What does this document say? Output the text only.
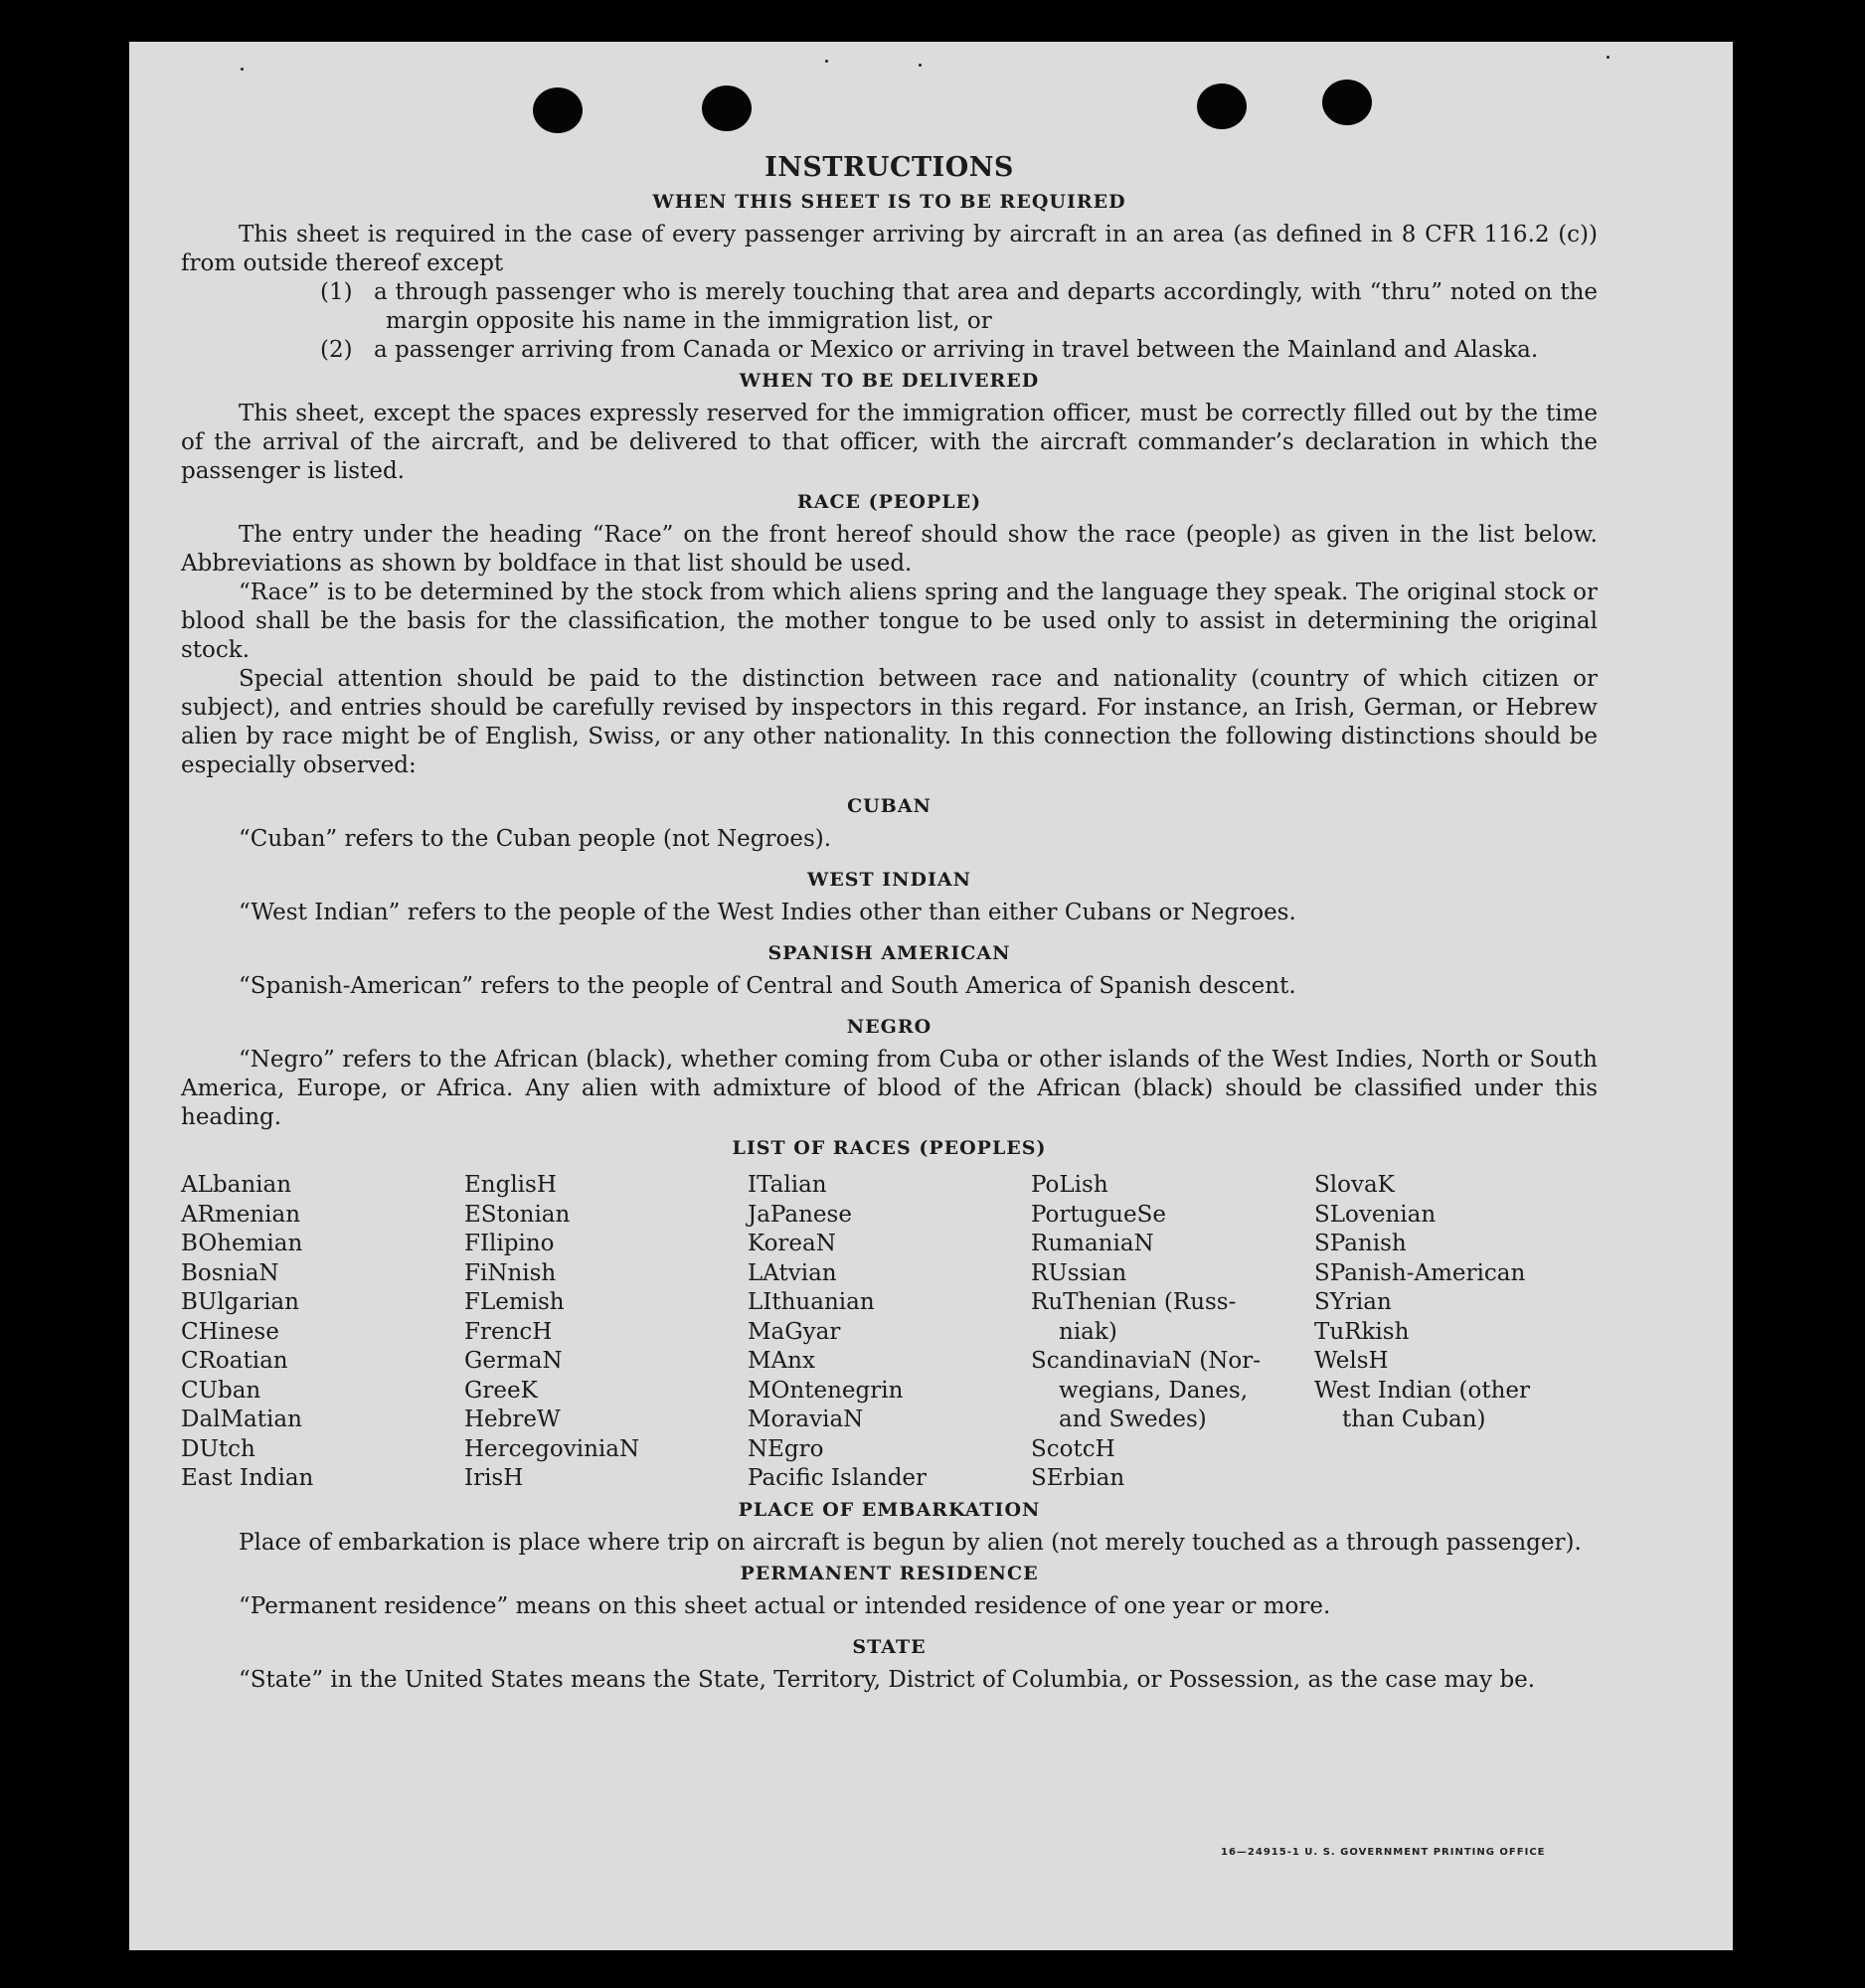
INSTRUCTIONS
WHEN THIS SHEET IS TO BE REQUIRED

This sheet is required in the case of every passenger arriving by aircraft in an area (as defined in 8 CFR 116.2 (c)) from outside thereof except

(1) a through passenger who is merely touching that area and departs accordingly, with “thru” noted on the margin opposite his name in the immigration list, or

(2) a passenger arriving from Canada or Mexico or arriving in travel between the Mainland and Alaska.

WHEN TO BE DELIVERED

This sheet, except the spaces expressly reserved for the immigration officer, must be correctly filled out by the time of the arrival of the aircraft, and be delivered to that officer, with the aircraft commander’s declaration in which the passenger is listed.

RACE (PEOPLE)

The entry under the heading “Race” on the front hereof should show the race (people) as given in the list below. Abbreviations as shown by boldface in that list should be used.

“Race” is to be determined by the stock from which aliens spring and the language they speak. The original stock or blood shall be the basis for the classification, the mother tongue to be used only to assist in determining the original stock.

Special attention should be paid to the distinction between race and nationality (country of which citizen or subject), and entries should be carefully revised by inspectors in this regard. For instance, an Irish, German, or Hebrew alien by race might be of English, Swiss, or any other nationality. In this connection the following distinctions should be especially observed:

CUBAN

“Cuban” refers to the Cuban people (not Negroes).

WEST INDIAN

“West Indian” refers to the people of the West Indies other than either Cubans or Negroes.

SPANISH AMERICAN

“Spanish-American” refers to the people of Central and South America of Spanish descent.

NEGRO

“Negro” refers to the African (black), whether coming from Cuba or other islands of the West Indies, North or South America, Europe, or Africa. Any alien with admixture of blood of the African (black) should be classified under this heading.

LIST OF RACES (PEOPLES)
ALbanian
ARmenian
BOhemian
BosniaN
BUlgarian
CHinese
CRoatian
CUban
DalMatian
DUtch
East Indian
EnglisH
EStonian
FIlipino
FiNnish
FLemish
FrencH
GermaN
GreeK
HebreW
HercegoviniaN
IrisH
ITalian
JaPanese
KoreaN
LAtvian
LIthuanian
MaGyar
MAnx
MOntenegrin
MoraviaN
NEgro
Pacific Islander
PoLish
PortugueSe
RumaniaN
RUssian
RuThenian (Russ-
niak)
ScandinaviaN (Nor-
wegians, Danes,
and Swedes)
ScotcH
SErbian
SlovaK
SLovenian
SPanish
SPanish-American
SYrian
TuRkish
WelsH
West Indian (other
than Cuban)
PLACE OF EMBARKATION

Place of embarkation is place where trip on aircraft is begun by alien (not merely touched as a through passenger).

PERMANENT RESIDENCE

“Permanent residence” means on this sheet actual or intended residence of one year or more.

STATE

“State” in the United States means the State, Territory, District of Columbia, or Possession, as the case may be.

16—24915-1 U. S. GOVERNMENT PRINTING OFFICE
